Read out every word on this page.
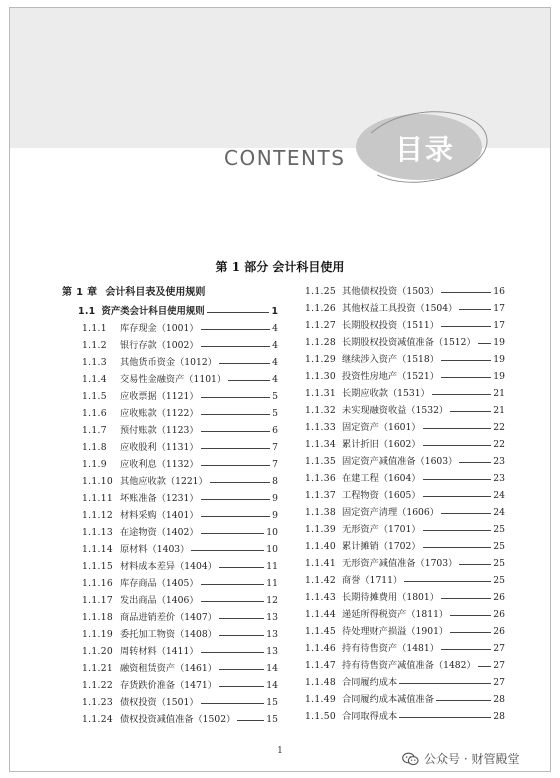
目录
CONTENTS
第 1 部分 会计科目使用
第 1 章 会计科目表及使用规则
1.1 资产类会计科目使用规则	1
1.1.1	库存现金（1001）	4
1.1.2	银行存款（1002）	4
1.1.3	其他货币资金（1012）	4
1.1.4	交易性金融资产（1101）	4
1.1.5	应收票据（1121）	5
1.1.6	应收账款（1122）	5
1.1.7	预付账款（1123）	6
1.1.8	应收股利（1131）	7
1.1.9	应收利息（1132）	7
1.1.10 其他应收款（1221）	8
1.1.11 坏账准备（1231）	9
1.1.12 材料采购（1401）	9
1.1.13 在途物资（1402）	10
1.1.14 原材料（1403）	10
1.1.15 材料成本差异（1404）	11
1.1.16 库存商品（1405）	11
1.1.17 发出商品（1406）	12
1.1.18 商品进销差价（1407）	13
1.1.19 委托加工物资（1408）	13
1.1.20 周转材料（1411）	13
1.1.21 融资租赁资产（1461）	14
1.1.22 存货跌价准备（1471）	14
1.1.23 债权投资（1501）	15
1.1.24 债权投资减值准备（1502）	15
1.1.25 其他债权投资（1503）	16
1.1.26 其他权益工具投资（1504）	17
1.1.27 长期股权投资（1511）	17
1.1.28 长期股权投资减值准备（1512） 19
1.1.29 继续涉入资产（1518）	19
1.1.30 投资性房地产（1521）	19
1.1.31 长期应收款（1531）	21
1.1.32 未实现融资收益（1532）	21
1.1.33 固定资产（1601）	22
1.1.34 累计折旧（1602）	22
1.1.35 固定资产减值准备（1603）	23
1.1.36 在建工程（1604）	23
1.1.37 工程物资（1605）	24
1.1.38 固定资产清理（1606）	24
1.1.39 无形资产（1701）	25
1.1.40 累计摊销（1702）	25
1.1.41 无形资产减值准备（1703）	25
1.1.42 商誉（1711）	25
1.1.43 长期待摊费用（1801）	26
1.1.44 递延所得税资产（1811）	26
1.1.45 待处理财产损溢（1901）	26
1.1.46 持有待售资产（1481）	27
1.1.47 持有待售资产减值准备（1482） 27
1.1.48 合同履约成本	27
1.1.49 合同履约成本减值准备	28
1.1.50 合同取得成本	28
1
公众号 · 财管殿堂
